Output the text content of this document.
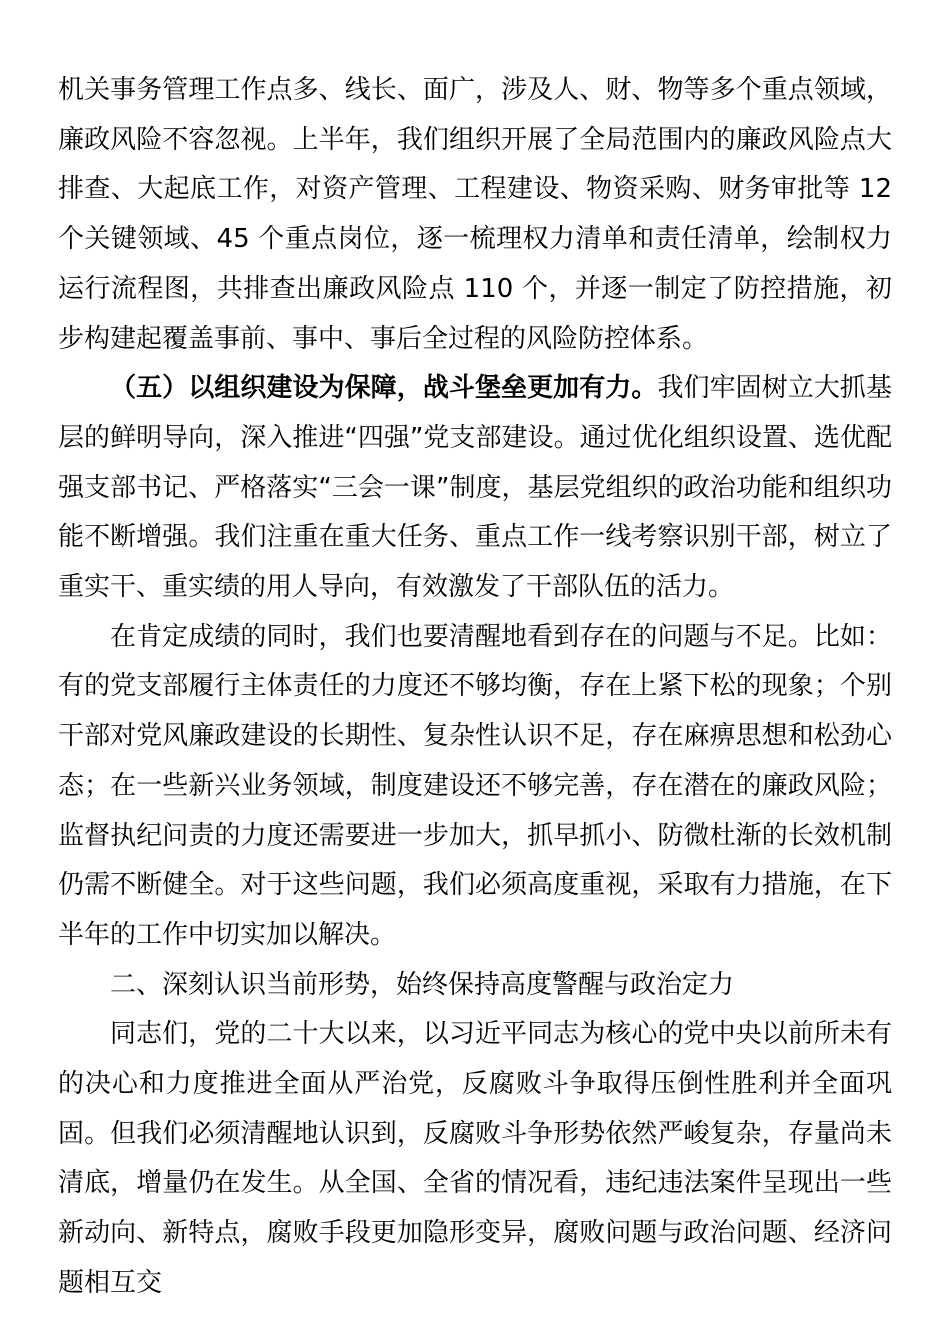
机关事务管理工作点多、线长、面广，涉及人、财、物等多个重点领域，廉政风险不容忽视。上半年，我们组织开展了全局范围内的廉政风险点大排查、大起底工作，对资产管理、工程建设、物资采购、财务审批等 12 个关键领域、45 个重点岗位，逐一梳理权力清单和责任清单，绘制权力运行流程图，共排查出廉政风险点 110 个，并逐一制定了防控措施，初步构建起覆盖事前、事中、事后全过程的风险防控体系。

（五）以组织建设为保障，战斗堡垒更加有力。我们牢固树立大抓基层的鲜明导向，深入推进“四强”党支部建设。通过优化组织设置、选优配强支部书记、严格落实“三会一课”制度，基层党组织的政治功能和组织功能不断增强。我们注重在重大任务、重点工作一线考察识别干部，树立了重实干、重实绩的用人导向，有效激发了干部队伍的活力。

在肯定成绩的同时，我们也要清醒地看到存在的问题与不足。比如：有的党支部履行主体责任的力度还不够均衡，存在上紧下松的现象；个别干部对党风廉政建设的长期性、复杂性认识不足，存在麻痹思想和松劲心态；在一些新兴业务领域，制度建设还不够完善，存在潜在的廉政风险；监督执纪问责的力度还需要进一步加大，抓早抓小、防微杜渐的长效机制仍需不断健全。对于这些问题，我们必须高度重视，采取有力措施，在下半年的工作中切实加以解决。

二、深刻认识当前形势，始终保持高度警醒与政治定力

同志们，党的二十大以来，以习近平同志为核心的党中央以前所未有的决心和力度推进全面从严治党，反腐败斗争取得压倒性胜利并全面巩固。但我们必须清醒地认识到，反腐败斗争形势依然严峻复杂，存量尚未清底，增量仍在发生。从全国、全省的情况看，违纪违法案件呈现出一些新动向、新特点，腐败手段更加隐形变异，腐败问题与政治问题、经济问题相互交
